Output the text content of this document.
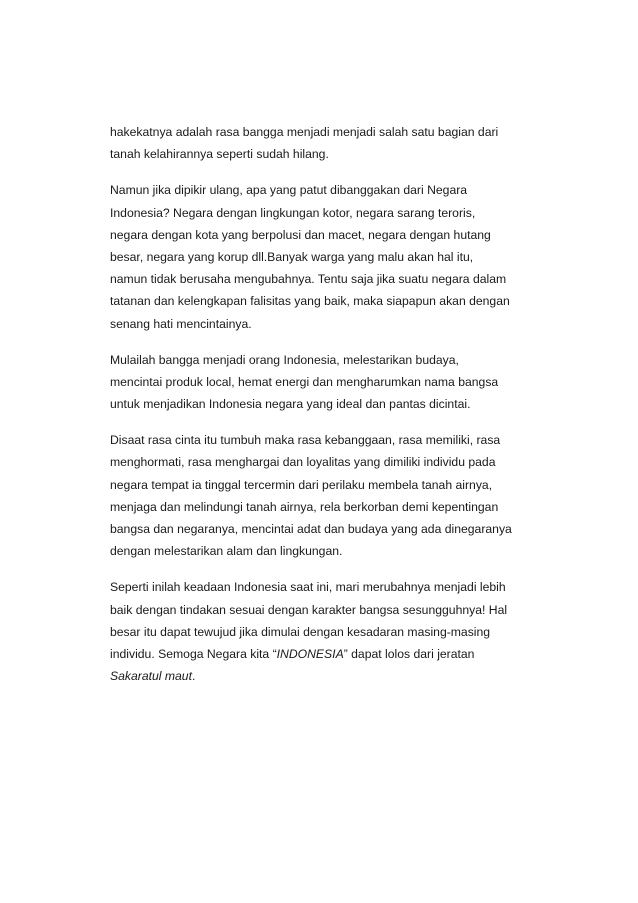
hakekatnya adalah rasa bangga menjadi menjadi salah satu bagian dari
tanah kelahirannya seperti sudah hilang.

Namun jika dipikir ulang, apa yang patut dibanggakan dari Negara
Indonesia? Negara dengan lingkungan kotor, negara sarang teroris,
negara dengan kota yang berpolusi dan macet, negara dengan hutang
besar, negara yang korup dll.Banyak warga yang malu akan hal itu,
namun tidak berusaha mengubahnya. Tentu saja jika suatu negara dalam
tatanan dan kelengkapan falisitas yang baik, maka siapapun akan dengan
senang hati mencintainya.

Mulailah bangga menjadi orang Indonesia, melestarikan budaya,
mencintai produk local, hemat energi dan mengharumkan nama bangsa
untuk menjadikan Indonesia negara yang ideal dan pantas dicintai.

Disaat rasa cinta itu tumbuh maka rasa kebanggaan, rasa memiliki, rasa
menghormati, rasa menghargai dan loyalitas yang dimiliki individu pada
negara tempat ia tinggal tercermin dari perilaku membela tanah airnya,
menjaga dan melindungi tanah airnya, rela berkorban demi kepentingan
bangsa dan negaranya, mencintai adat dan budaya yang ada dinegaranya
dengan melestarikan alam dan lingkungan.

Seperti inilah keadaan Indonesia saat ini, mari merubahnya menjadi lebih
baik dengan tindakan sesuai dengan karakter bangsa sesungguhnya! Hal
besar itu dapat tewujud jika dimulai dengan kesadaran masing-masing
individu. Semoga Negara kita “INDONESIA” dapat lolos dari jeratan
Sakaratul maut.
